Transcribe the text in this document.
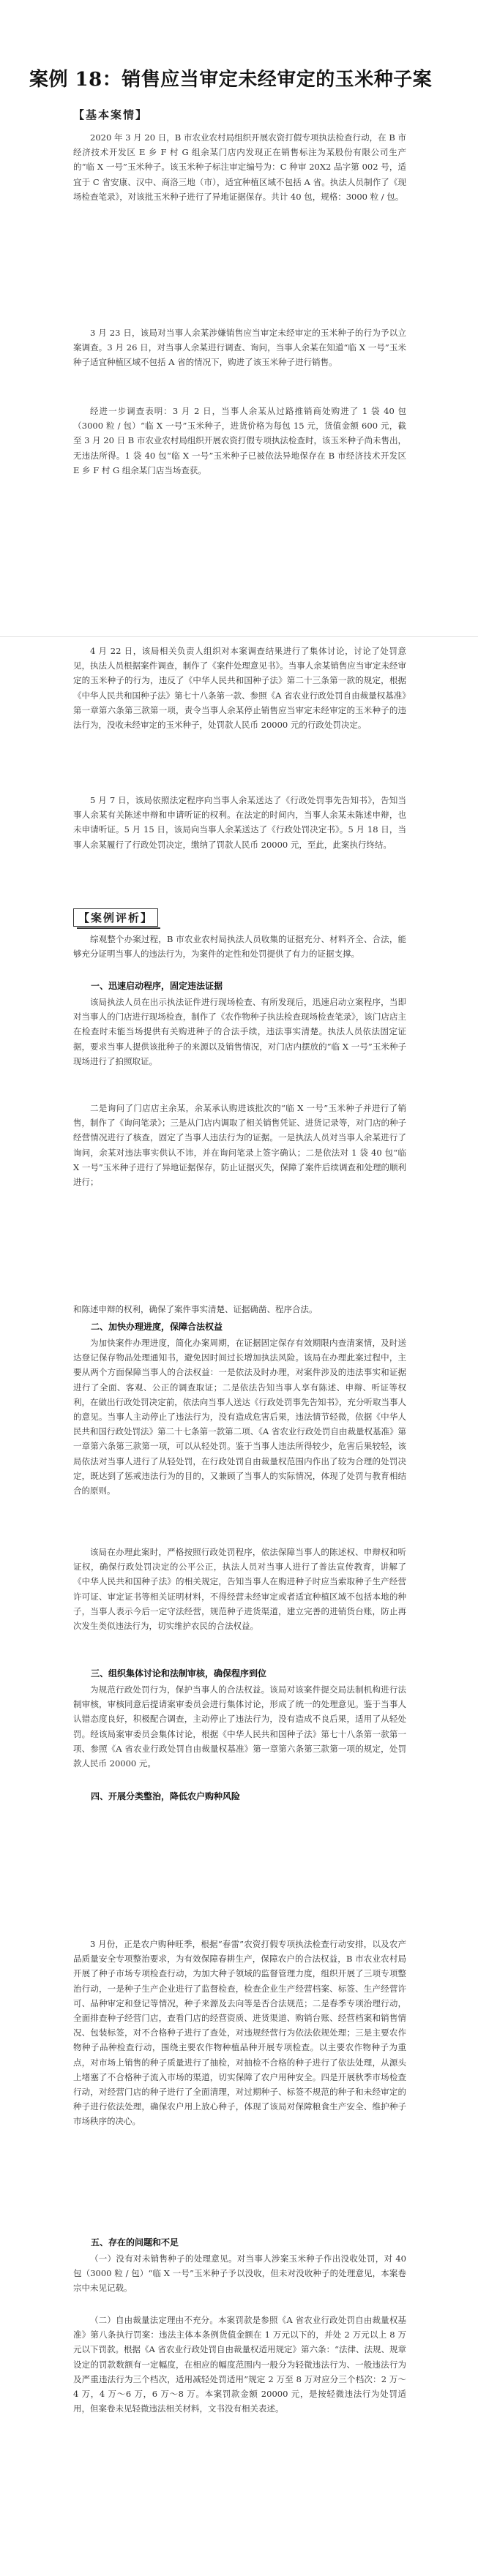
案例 18：销售应当审定未经审定的玉米种子案
【基本案情】

2020 年 3 月 20 日，B 市农业农村局组织开展农资打假专项执法检查行动，在 B 市经济技术开发区 E 乡 F 村 G 组余某门店内发现正在销售标注为某股份有限公司生产的“临 X 一号”玉米种子。该玉米种子标注审定编号为：C 种审 20X2 品字第 002 号，适宜于 C 省安康、汉中、商洛三地（市），适宜种植区域不包括 A 省。执法人员制作了《现场检查笔录》，对该批玉米种子进行了异地证据保存。共计 40 包，规格：3000 粒 / 包。

3 月 23 日，该局对当事人余某涉嫌销售应当审定未经审定的玉米种子的行为予以立案调查。3 月 26 日，对当事人余某进行调查、询问，当事人余某在知道“临 X 一号”玉米种子适宜种植区域不包括 A 省的情况下，购进了该玉米种子进行销售。

经进一步调查表明：3 月 2 日，当事人余某从过路推销商处购进了 1 袋 40 包（3000 粒 / 包）“临 X 一号”玉米种子，进货价格为每包 15 元，货值金额 600 元，截至 3 月 20 日 B 市农业农村局组织开展农资打假专项执法检查时，该玉米种子尚未售出，无违法所得。1 袋 40 包“临 X 一号”玉米种子已被依法异地保存在 B 市经济技术开发区 E 乡 F 村 G 组余某门店当场查获。

4 月 22 日，该局相关负责人组织对本案调查结果进行了集体讨论，讨论了处罚意见，执法人员根据案件调查，制作了《案件处理意见书》。当事人余某销售应当审定未经审定的玉米种子的行为，违反了《中华人民共和国种子法》第二十三条第一款的规定，根据《中华人民共和国种子法》第七十八条第一款、参照《A 省农业行政处罚自由裁量权基准》第一章第六条第三款第一项，责令当事人余某停止销售应当审定未经审定的玉米种子的违法行为，没收未经审定的玉米种子，处罚款人民币 20000 元的行政处罚决定。

5 月 7 日，该局依照法定程序向当事人余某送达了《行政处罚事先告知书》，告知当事人余某有关陈述申辩和申请听证的权利。在法定的时间内，当事人余某未陈述申辩，也未申请听证。5 月 15 日，该局向当事人余某送达了《行政处罚决定书》。5 月 18 日，当事人余某履行了行政处罚决定，缴纳了罚款人民币 20000 元，至此，此案执行终结。

【案例评析】

综观整个办案过程，B 市农业农村局执法人员收集的证据充分、材料齐全、合法，能够充分证明当事人的违法行为，为案件的定性和处罚提供了有力的证据支撑。

一、迅速启动程序，固定违法证据

该局执法人员在出示执法证件进行现场检查、有所发现后，迅速启动立案程序，当即对当事人的门店进行现场检查，制作了《农作物种子执法检查现场检查笔录》，该门店店主在检查时未能当场提供有关购进种子的合法手续，违法事实清楚。执法人员依法固定证据，要求当事人提供该批种子的来源以及销售情况，对门店内摆放的“临 X 一号”玉米种子现场进行了拍照取证。

二是询问了门店店主余某，余某承认购进该批次的“临 X 一号”玉米种子并进行了销售，制作了《询问笔录》；三是从门店内调取了相关销售凭证、进货记录等，对门店的种子经营情况进行了核查，固定了当事人违法行为的证据。一是执法人员对当事人余某进行了询问，余某对违法事实供认不讳，并在询问笔录上签字确认；二是依法对 1 袋 40 包“临 X 一号”玉米种子进行了异地证据保存，防止证据灭失，保障了案件后续调查和处理的顺利进行；

和陈述申辩的权利，确保了案件事实清楚、证据确凿、程序合法。

二、加快办理进度，保障合法权益

为加快案件办理进度，简化办案周期，在证据固定保存有效期限内查清案情，及时送达登记保存物品处理通知书，避免因时间过长增加执法风险。该局在办理此案过程中，主要从两个方面保障当事人的合法权益：一是依法及时办理，对案件涉及的违法事实和证据进行了全面、客观、公正的调查取证；二是依法告知当事人享有陈述、申辩、听证等权利，在做出行政处罚决定前，依法向当事人送达《行政处罚事先告知书》，充分听取当事人的意见。当事人主动停止了违法行为，没有造成危害后果，违法情节轻微，依据《中华人民共和国行政处罚法》第二十七条第一款第二项、《A 省农业行政处罚自由裁量权基准》第一章第六条第三款第一项，可以从轻处罚。鉴于当事人违法所得较少，危害后果较轻，该局依法对当事人进行了从轻处罚，在行政处罚自由裁量权范围内作出了较为合理的处罚决定，既达到了惩戒违法行为的目的，又兼顾了当事人的实际情况，体现了处罚与教育相结合的原则。

该局在办理此案时，严格按照行政处罚程序，依法保障当事人的陈述权、申辩权和听证权，确保行政处罚决定的公平公正，执法人员对当事人进行了普法宣传教育，讲解了《中华人民共和国种子法》的相关规定，告知当事人在购进种子时应当索取种子生产经营许可证、审定证书等相关证明材料，不得经营未经审定或者适宜种植区域不包括本地的种子，当事人表示今后一定守法经营，规范种子进货渠道，建立完善的进销货台账，防止再次发生类似违法行为，切实维护农民的合法权益。

三、组织集体讨论和法制审核，确保程序到位

为规范行政处罚行为，保护当事人的合法权益。该局对该案件提交局法制机构进行法制审核，审核同意后提请案审委员会进行集体讨论，形成了统一的处理意见。鉴于当事人认错态度良好，积极配合调查，主动停止了违法行为，没有造成不良后果，适用了从轻处罚。经该局案审委员会集体讨论，根据《中华人民共和国种子法》第七十八条第一款第一项、参照《A 省农业行政处罚自由裁量权基准》第一章第六条第三款第一项的规定，处罚款人民币 20000 元。

四、开展分类整治，降低农户购种风险

3 月份，正是农户购种旺季，根据“春雷”农资打假专项执法检查行动安排，以及农产品质量安全专项整治要求，为有效保障春耕生产，保障农户的合法权益，B 市农业农村局开展了种子市场专项检查行动，为加大种子领域的监督管理力度，组织开展了三项专项整治行动，一是种子生产企业进行了监督检查，检查企业生产经营档案、标签、生产经营许可、品种审定和登记等情况，种子来源及去向等是否合法规范；二是春季专项治理行动，全面排查种子经营门店，查看门店的经营资质、进货渠道、购销台账、经营档案和销售情况、包装标签，对不合格种子进行了查处，对违规经营行为依法依规处理；三是主要农作物种子品种检查行动，围绕主要农作物种植品种开展专项检查。以主要农作物种子为重点，对市场上销售的种子质量进行了抽检，对抽检不合格的种子进行了依法处理，从源头上堵塞了不合格种子流入市场的渠道，切实保障了农户用种安全。四是开展秋季市场检查行动，对经营门店的种子进行了全面清理，对过期种子、标签不规范的种子和未经审定的种子进行依法处理，确保农户用上放心种子，体现了该局对保障粮食生产安全、维护种子市场秩序的决心。

五、存在的问题和不足

（一）没有对未销售种子的处理意见。对当事人涉案玉米种子作出没收处罚，对 40 包（3000 粒 / 包）“临 X 一号”玉米种子予以没收，但未对没收种子的处理意见，本案卷宗中未见记载。

（二）自由裁量法定理由不充分。本案罚款是参照《A 省农业行政处罚自由裁量权基准》第八条执行罚案：违法主体本条例货值金额在 1 万元以下的，并处 2 万元以上 8 万元以下罚款。根据《A 省农业行政处罚自由裁量权适用规定》第六条：“法律、法规、规章设定的罚款数额有一定幅度，在相应的幅度范围内一般分为轻微违法行为、一般违法行为及严重违法行为三个档次，适用减轻处罚适用”规定 2 万至 8 万对应分三个档次：2 万～4 万，4 万～6 万，6 万～8 万。本案罚款金额 20000 元，是按轻微违法行为处罚适用，但案卷未见轻微违法相关材料，文书没有相关表述。
